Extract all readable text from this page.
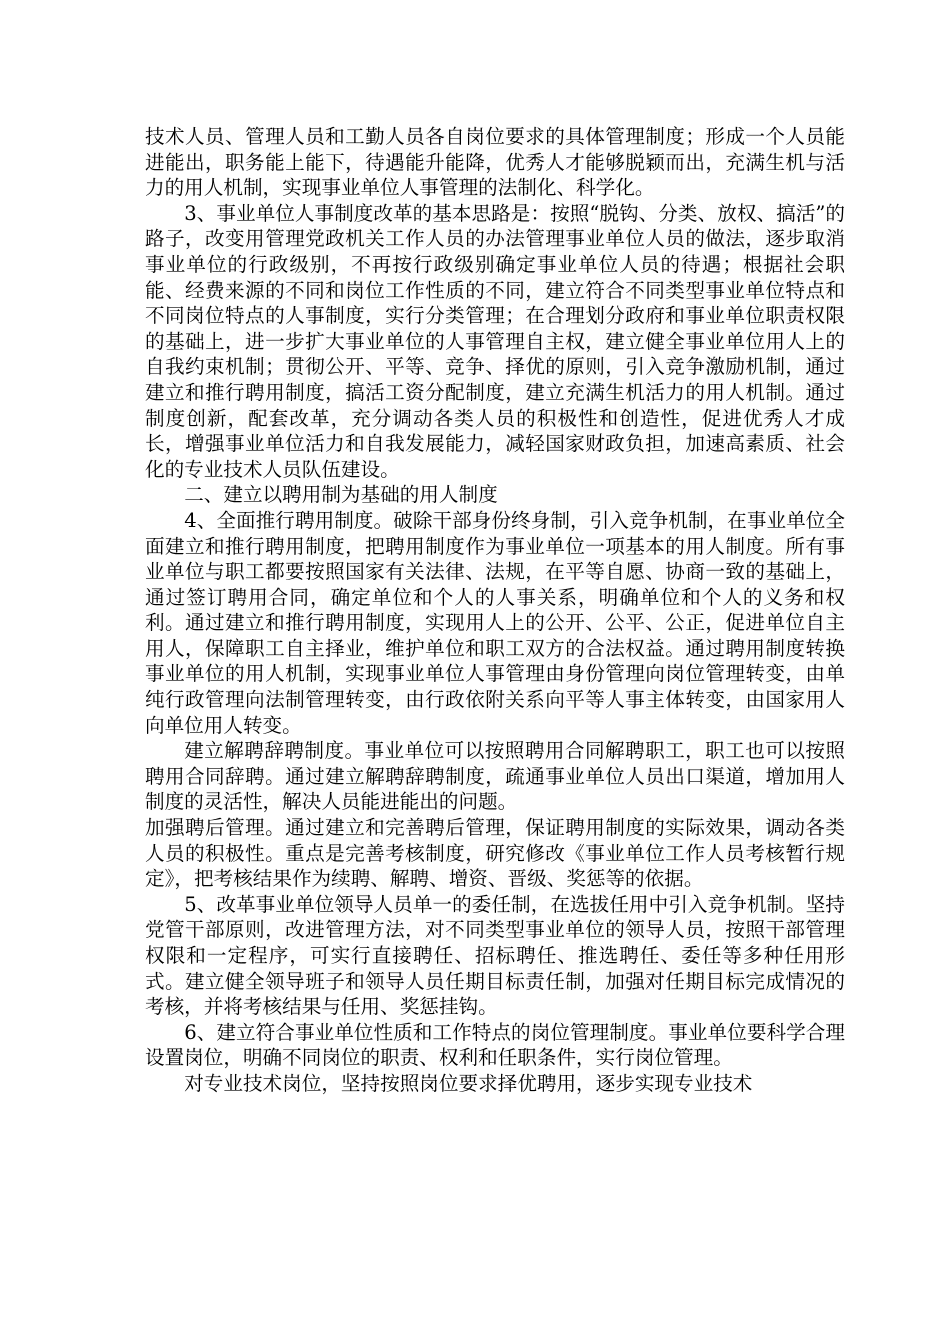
技术人员、管理人员和工勤人员各自岗位要求的具体管理制度；形成一个人员能进能出，职务能上能下，待遇能升能降，优秀人才能够脱颖而出，充满生机与活力的用人机制，实现事业单位人事管理的法制化、科学化。

3、事业单位人事制度改革的基本思路是：按照“脱钩、分类、放权、搞活”的路子，改变用管理党政机关工作人员的办法管理事业单位人员的做法，逐步取消事业单位的行政级别，不再按行政级别确定事业单位人员的待遇；根据社会职能、经费来源的不同和岗位工作性质的不同，建立符合不同类型事业单位特点和不同岗位特点的人事制度，实行分类管理；在合理划分政府和事业单位职责权限的基础上，进一步扩大事业单位的人事管理自主权，建立健全事业单位用人上的自我约束机制；贯彻公开、平等、竞争、择优的原则，引入竞争激励机制，通过建立和推行聘用制度，搞活工资分配制度，建立充满生机活力的用人机制。通过制度创新，配套改革，充分调动各类人员的积极性和创造性，促进优秀人才成长，增强事业单位活力和自我发展能力，减轻国家财政负担，加速高素质、社会化的专业技术人员队伍建设。

二、建立以聘用制为基础的用人制度

4、全面推行聘用制度。破除干部身份终身制，引入竞争机制，在事业单位全面建立和推行聘用制度，把聘用制度作为事业单位一项基本的用人制度。所有事业单位与职工都要按照国家有关法律、法规，在平等自愿、协商一致的基础上，通过签订聘用合同，确定单位和个人的人事关系，明确单位和个人的义务和权利。通过建立和推行聘用制度，实现用人上的公开、公平、公正，促进单位自主用人，保障职工自主择业，维护单位和职工双方的合法权益。通过聘用制度转换事业单位的用人机制，实现事业单位人事管理由身份管理向岗位管理转变，由单纯行政管理向法制管理转变，由行政依附关系向平等人事主体转变，由国家用人向单位用人转变。

建立解聘辞聘制度。事业单位可以按照聘用合同解聘职工，职工也可以按照聘用合同辞聘。通过建立解聘辞聘制度，疏通事业单位人员出口渠道，增加用人制度的灵活性，解决人员能进能出的问题。

加强聘后管理。通过建立和完善聘后管理，保证聘用制度的实际效果，调动各类人员的积极性。重点是完善考核制度，研究修改《事业单位工作人员考核暂行规定》，把考核结果作为续聘、解聘、增资、晋级、奖惩等的依据。

5、改革事业单位领导人员单一的委任制，在选拔任用中引入竞争机制。坚持党管干部原则，改进管理方法，对不同类型事业单位的领导人员，按照干部管理权限和一定程序，可实行直接聘任、招标聘任、推选聘任、委任等多种任用形式。建立健全领导班子和领导人员任期目标责任制，加强对任期目标完成情况的考核，并将考核结果与任用、奖惩挂钩。

6、建立符合事业单位性质和工作特点的岗位管理制度。事业单位要科学合理设置岗位，明确不同岗位的职责、权利和任职条件，实行岗位管理。

对专业技术岗位，坚持按照岗位要求择优聘用，逐步实现专业技术
